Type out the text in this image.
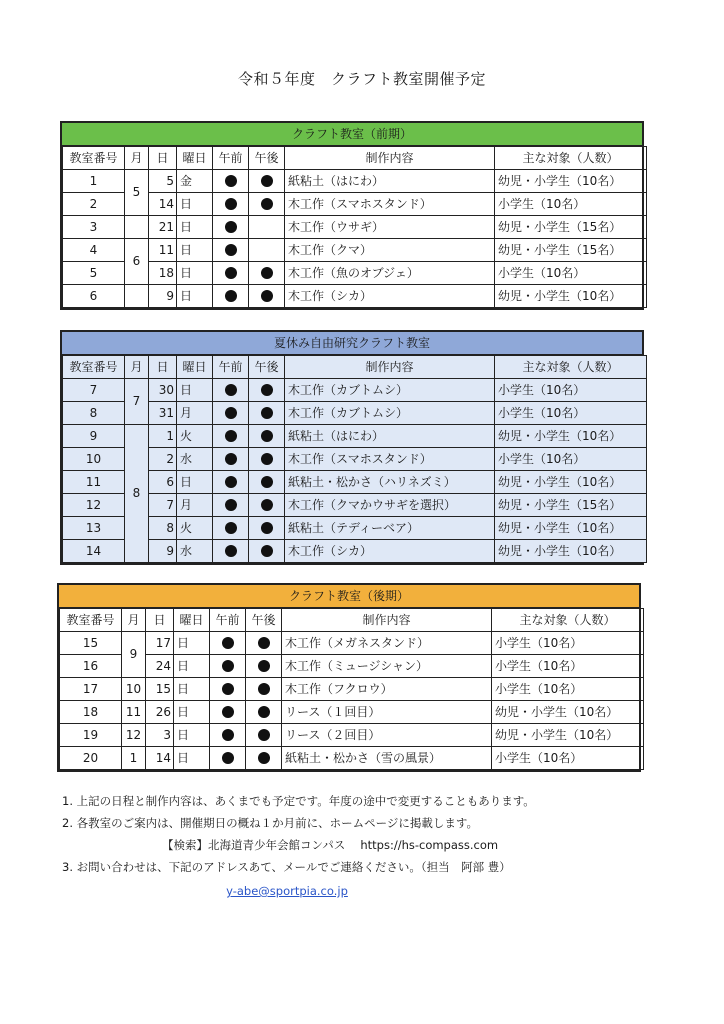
令和５年度　クラフト教室開催予定
クラフト教室（前期）
教室番号	月	日	曜日	午前	午後	制作内容	主な対象（人数）
1	5	5	金			紙粘土（はにわ）	幼児・小学生（10名）
2		14	日			木工作（スマホスタンド）	小学生（10名）
3		21	日			木工作（ウサギ）	幼児・小学生（15名）
4	6	11	日			木工作（クマ）	幼児・小学生（15名）
5		18	日			木工作（魚のオブジェ）	小学生（10名）
6		9	日			木工作（シカ）	幼児・小学生（10名）
夏休み自由研究クラフト教室
教室番号	月	日	曜日	午前	午後	制作内容	主な対象（人数）
7	7	30	日			木工作（カブトムシ）	小学生（10名）
8		31	月			木工作（カブトムシ）	小学生（10名）
9	8	1	火			紙粘土（はにわ）	幼児・小学生（10名）
10		2	水			木工作（スマホスタンド）	小学生（10名）
11		6	日			紙粘土・松かさ（ハリネズミ）	幼児・小学生（10名）
12		7	月			木工作（クマかウサギを選択）	幼児・小学生（15名）
13		8	火			紙粘土（テディーベア）	幼児・小学生（10名）
14		9	水			木工作（シカ）	幼児・小学生（10名）
クラフト教室（後期）
教室番号	月	日	曜日	午前	午後	制作内容	主な対象（人数）
15	9	17	日			木工作（メガネスタンド）	小学生（10名）
16		24	日			木工作（ミュージシャン）	小学生（10名）
17	10	15	日			木工作（フクロウ）	小学生（10名）
18	11	26	日			リース（１回目）	幼児・小学生（10名）
19	12	3	日			リース（２回目）	幼児・小学生（10名）
20	1	14	日			紙粘土・松かさ（雪の風景）	小学生（10名）
1. 上記の日程と制作内容は、あくまでも予定です。年度の途中で変更することもあります。
2. 各教室のご案内は、開催期日の概ね１か月前に、ホームページに掲載します。
【検索】北海道青少年会館コンパス　 https://hs-compass.com
3. お問い合わせは、下記のアドレスあて、メールでご連絡ください。（担当　阿部 豊）
y-abe@sportpia.co.jp
